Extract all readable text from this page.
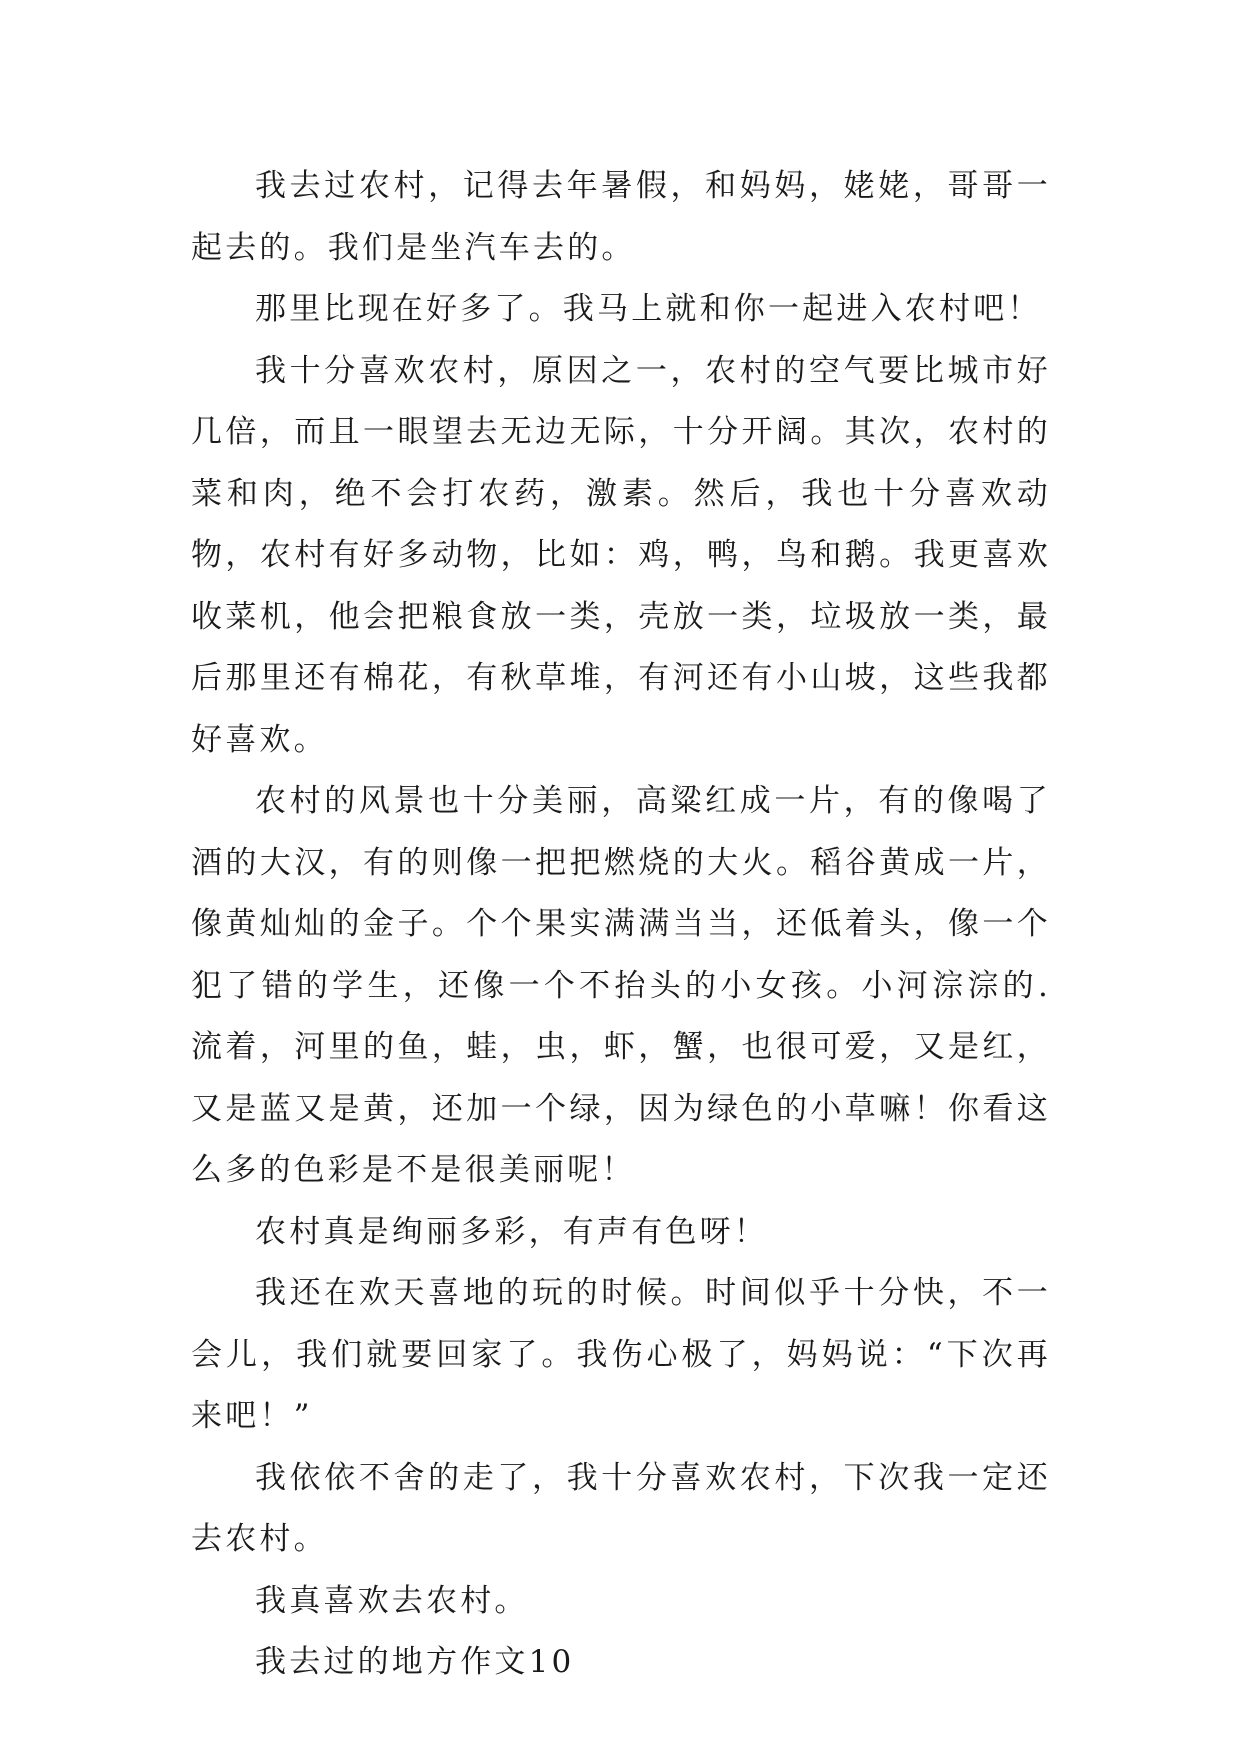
我去过农村，记得去年暑假，和妈妈，姥姥，哥哥一起去的。我们是坐汽车去的。

那里比现在好多了。我马上就和你一起进入农村吧！

我十分喜欢农村，原因之一，农村的空气要比城市好几倍，而且一眼望去无边无际，十分开阔。其次，农村的菜和肉，绝不会打农药，激素。然后，我也十分喜欢动物，农村有好多动物，比如：鸡，鸭，鸟和鹅。我更喜欢收菜机，他会把粮食放一类，壳放一类，垃圾放一类，最后那里还有棉花，有秋草堆，有河还有小山坡，这些我都好喜欢。

农村的风景也十分美丽，高粱红成一片，有的像喝了酒的大汉，有的则像一把把燃烧的大火。稻谷黄成一片，像黄灿灿的金子。个个果实满满当当，还低着头，像一个犯了错的学生，还像一个不抬头的小女孩。小河淙淙的.流着，河里的鱼，蛙，虫，虾，蟹，也很可爱，又是红，又是蓝又是黄，还加一个绿，因为绿色的小草嘛！你看这么多的色彩是不是很美丽呢！

农村真是绚丽多彩，有声有色呀！

我还在欢天喜地的玩的时候。时间似乎十分快，不一会儿，我们就要回家了。我伤心极了，妈妈说：“下次再来吧！”

我依依不舍的走了，我十分喜欢农村，下次我一定还去农村。

我真喜欢去农村。

我去过的地方作文10
